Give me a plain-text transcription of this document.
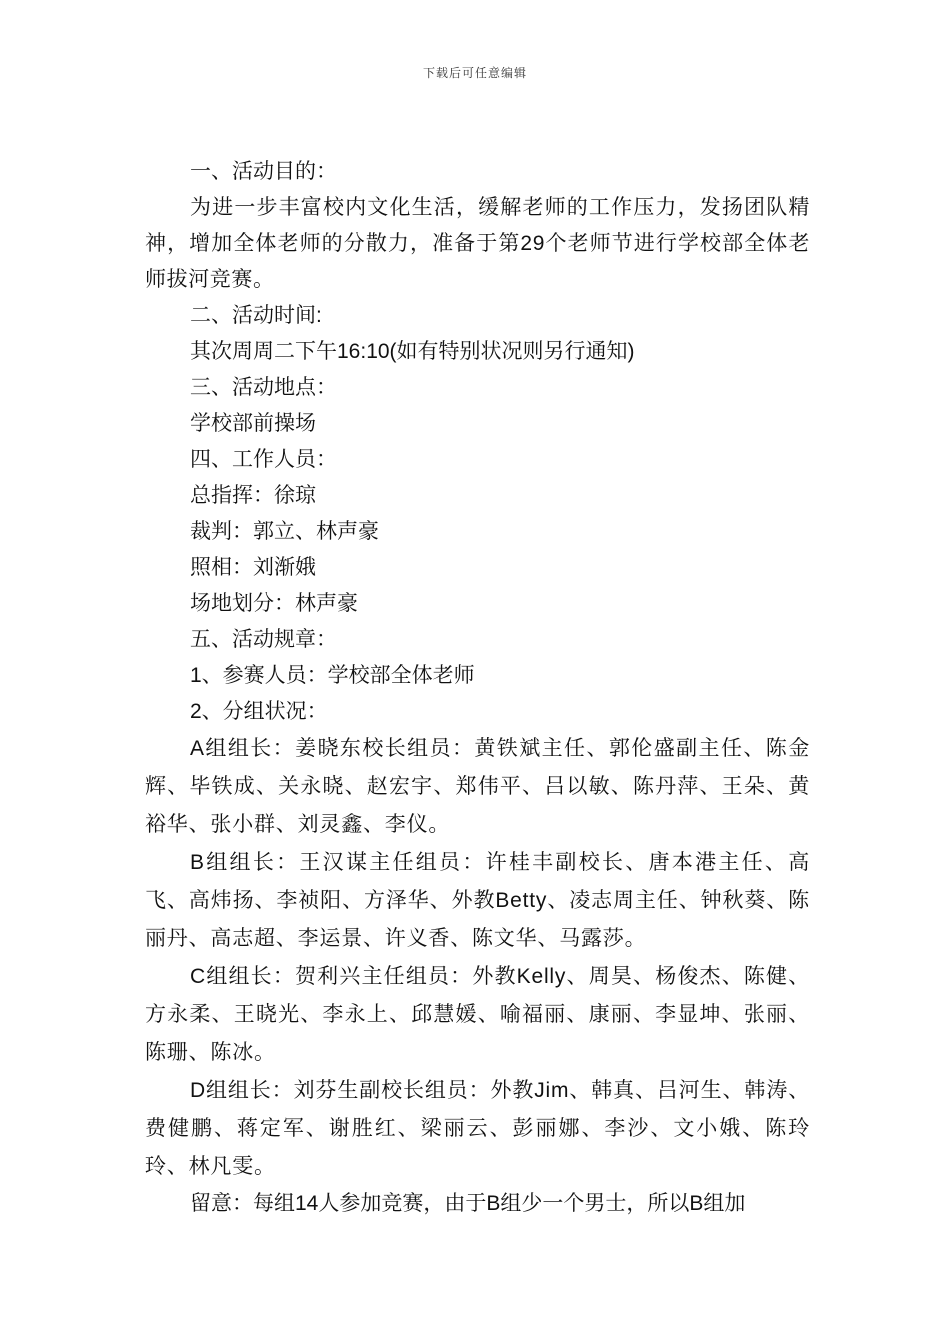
下载后可任意编辑

一、活动目的：

为进一步丰富校内文化生活，缓解老师的工作压力，发扬团队精神，增加全体老师的分散力，准备于第29个老师节进行学校部全体老师拔河竞赛。

二、活动时间:

其次周周二下午16:10(如有特别状况则另行通知)

三、活动地点：

学校部前操场

四、工作人员：

总指挥：徐琼

裁判：郭立、林声豪

照相：刘渐娥

场地划分：林声豪

五、活动规章：

1、参赛人员：学校部全体老师

2、分组状况：

A组组长：姜晓东校长组员：黄铁斌主任、郭伦盛副主任、陈金辉、毕铁成、关永晓、赵宏宇、郑伟平、吕以敏、陈丹萍、王朵、黄裕华、张小群、刘灵鑫、李仪。

B组组长：王汉谋主任组员：许桂丰副校长、唐本港主任、高飞、高炜扬、李祯阳、方泽华、外教Betty、凌志周主任、钟秋葵、陈丽丹、高志超、李运景、许义香、陈文华、马露莎。

C组组长：贺利兴主任组员：外教Kelly、周昊、杨俊杰、陈健、方永柔、王晓光、李永上、邱慧媛、喻福丽、康丽、李显坤、张丽、陈珊、陈冰。

D组组长：刘芬生副校长组员：外教Jim、韩真、吕河生、韩涛、费健鹏、蒋定军、谢胜红、梁丽云、彭丽娜、李沙、文小娥、陈玲玲、林凡雯。

留意：每组14人参加竞赛，由于B组少一个男士，所以B组加
